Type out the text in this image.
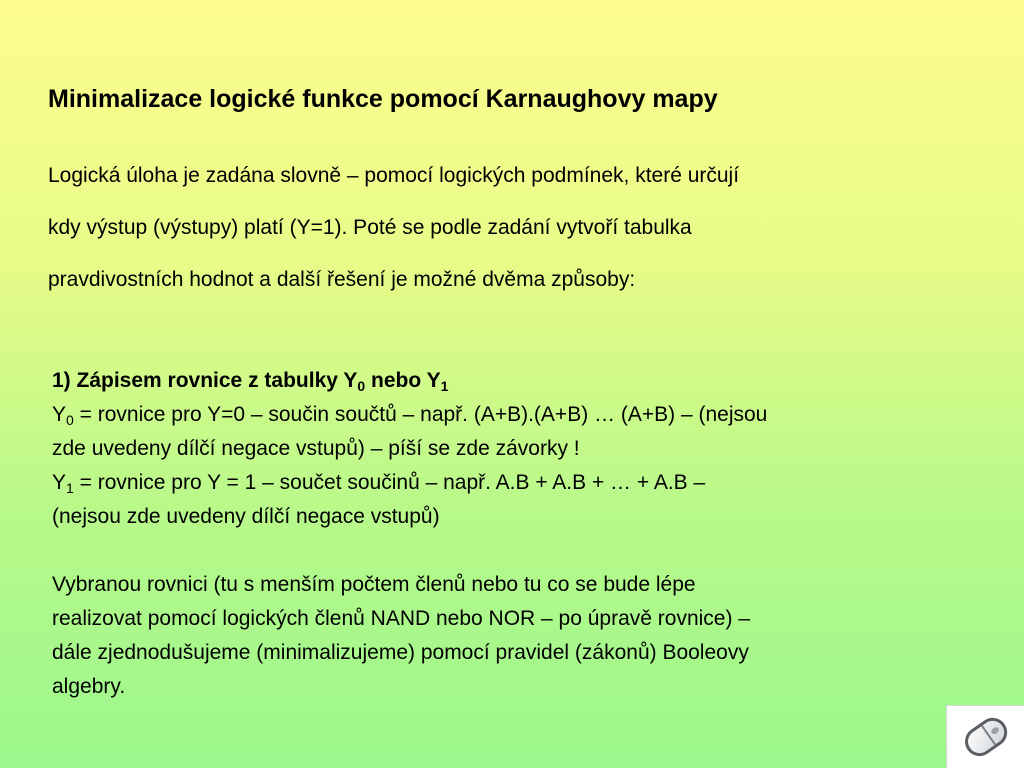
Minimalizace logické funkce pomocí Karnaughovy mapy

Logická úloha je zadána slovně – pomocí logických podmínek, které určují

kdy výstup (výstupy) platí (Y=1). Poté se podle zadání vytvoří tabulka

pravdivostních hodnot a další řešení je možné dvěma způsoby:

1) Zápisem rovnice z tabulky $Y_0$ nebo $Y_1$

$Y_0$ = rovnice pro Y=0 – součin součtů – např. (A+B).(A+B) … (A+B) – (nejsou

zde uvedeny dílčí negace vstupů) – píší se zde závorky !

$Y_1$ = rovnice pro Y = 1 – součet součinů – např. A.B + A.B + … + A.B –

(nejsou zde uvedeny dílčí negace vstupů)

Vybranou rovnici (tu s menším počtem členů nebo tu co se bude lépe

realizovat pomocí logických členů NAND nebo NOR – po úpravě rovnice) –

dále zjednodušujeme (minimalizujeme) pomocí pravidel (zákonů) Booleovy

algebry.
